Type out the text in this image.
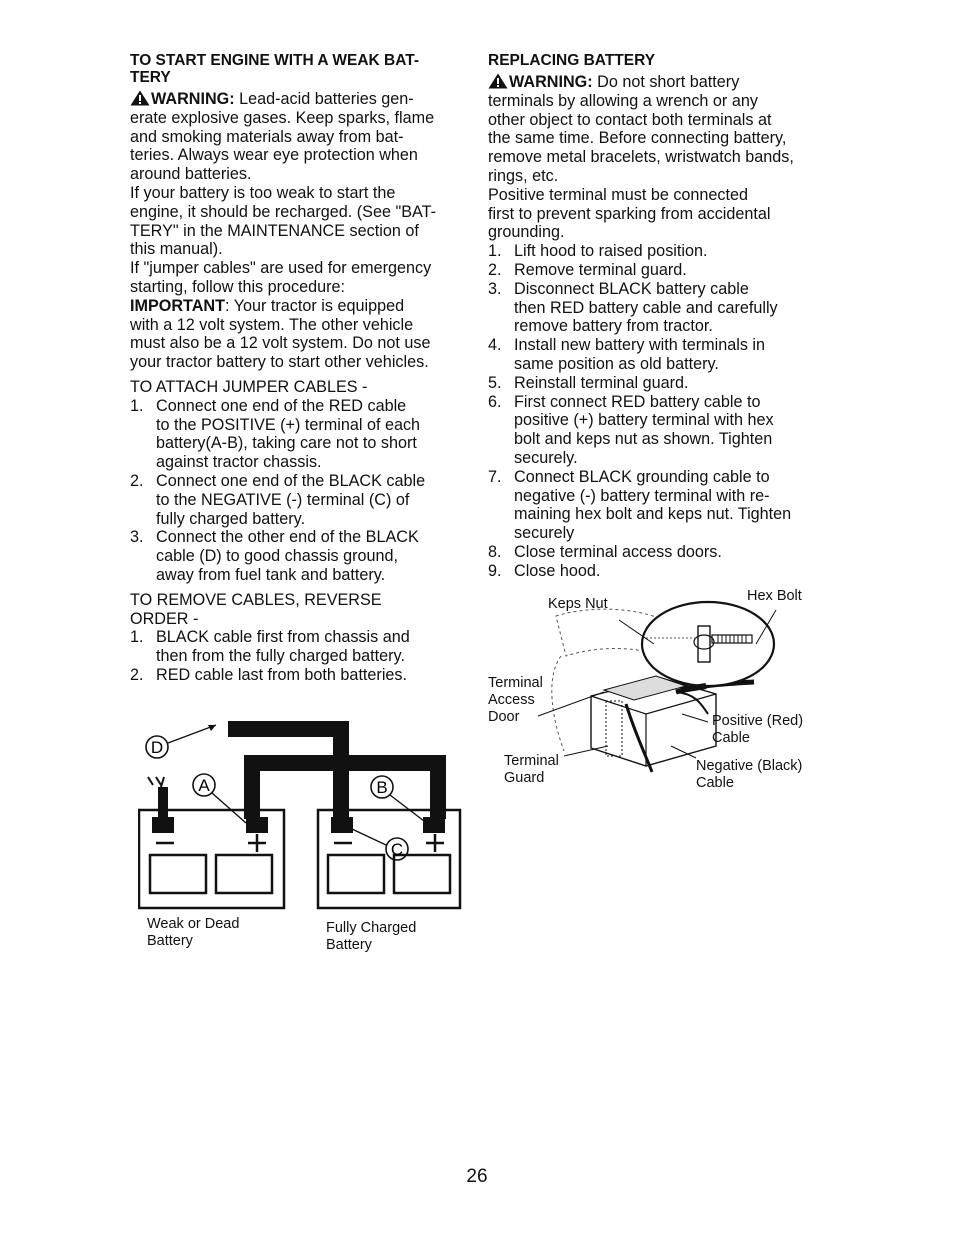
TO START ENGINE WITH A WEAK BAT-
TERY

WARNING: Lead-acid batteries gen-
erate explosive gases. Keep sparks, flame
and smoking materials away from bat-
teries. Always wear eye protection when
around batteries.

If your battery is too weak to start the
engine, it should be recharged. (See "BAT-
TERY" in the MAINTENANCE section of
this manual).

If "jumper cables" are used for emergency
starting, follow this procedure:

IMPORTANT: Your tractor is equipped
with a 12 volt system. The other vehicle
must also be a 12 volt system. Do not use
your tractor battery to start other vehicles.

TO ATTACH JUMPER CABLES -

1. Connect one end of the RED cable
to the POSITIVE (+) terminal of each
battery(A-B), taking care not to short
against tractor chassis.
2. Connect one end of the BLACK cable
to the NEGATIVE (-) terminal (C) of
fully charged battery.
3. Connect the other end of the BLACK
cable (D) to good chassis ground,
away from fuel tank and battery.

TO REMOVE CABLES, REVERSE
ORDER -

1. BLACK cable first from chassis and
then from the fully charged battery.
2. RED cable last from both batteries.
D
A	B
C
Weak or Dead
Battery
Fully Charged
Battery

REPLACING BATTERY

WARNING: Do not short battery
terminals by allowing a wrench or any
other object to contact both terminals at
the same time. Before connecting battery,
remove metal bracelets, wristwatch bands,
rings, etc.

Positive terminal must be connected
first to prevent sparking from accidental
grounding.

1. Lift hood to raised position.
2. Remove terminal guard.
3. Disconnect BLACK battery cable
then RED battery cable and carefully
remove battery from tractor.
4. Install new battery with terminals in
same position as old battery.
5. Reinstall terminal guard.
6. First connect RED battery cable to
positive (+) battery terminal with hex
bolt and keps nut as shown. Tighten
securely.
7. Connect BLACK grounding cable to
negative (-) battery terminal with re-
maining hex bolt and keps nut. Tighten
securely
8. Close terminal access doors.
9. Close hood.
Keps Nut	Hex Bolt
Terminal
Access
Door
Terminal
Guard
Positive (Red)
Cable
Negative (Black)
Cable
26
